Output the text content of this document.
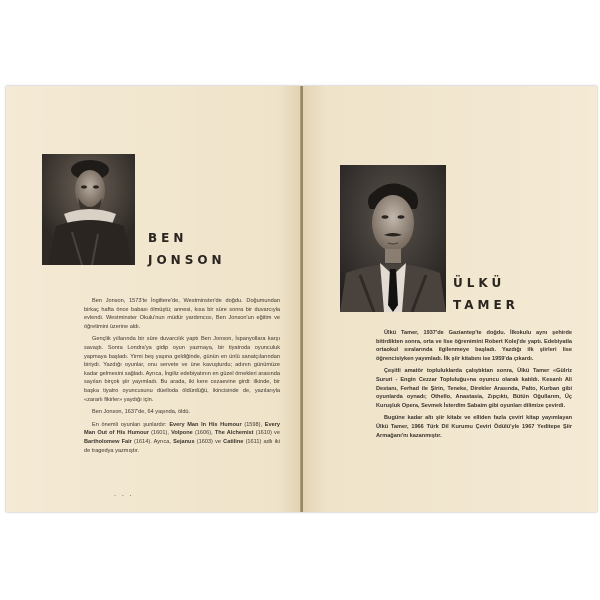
BEN
JONSON

Ben Jonson, 1573'te İngiltere'de, Westminster'de doğdu. Doğumundan birkaç hafta önce babası ölmüştü; annesi, kısa bir süre sonra bir duvarcıyla evlendi. Westminster Okulu'nun müdür yardımcısı, Ben Jonson'un eğitim ve öğretimini üzerine aldı.

Gençlik yıllarında bir süre duvarcılık yaptı Ben Jonson, İspanyollara karşı savaştı. Sonra Londra'ya gidip oyun yazmaya, bir tiyatroda oyunculuk yapmaya başladı. Yirmi beş yaşına geldiğinde, günün en ünlü sanatçılarından biriydi. Yazdığı oyunlar, onu servete ve üne kavuşturdu; adının günümüze kadar gelmesini sağladı. Ayrıca, İngiliz edebiyatının en güzel örnekleri arasında sayılan birçok şiir yayımladı. Bu arada, iki kere cezaevine girdi: ilkinde, bir başka tiyatro oyuncusunu düelloda öldürdüğü, ikincisinde de, yazılarıyla «zararlı fikirler» yaydığı için.

Ben Jonson, 1637'de, 64 yaşında, öldü.

En önemli oyunları şunlardır: Every Man In His Humour (1598), Every Man Out of His Humour (1601), Volpone (1606), The Alchemist (1610) ve Bartholomew Fair (1614). Ayrıca, Sejanus (1603) ve Catiline (1611) adlı iki de tragedya yazmıştır.

. . .
ÜLKÜ
TAMER

Ülkü Tamer, 1937'de Gaziantep'te doğdu. İlkokulu aynı şehirde bitirdikten sonra, orta ve lise öğrenimini Robert Kolej'de yaptı. Edebiyatla ortaokul sıralarında ilgilenmeye başladı. Yazdığı ilk şiirleri lise öğrencisiyken yayımladı. İlk şiir kitabını ise 1959'da çıkardı.

Çeşitli amatör topluluklarda çalıştıktan sonra, Ülkü Tamer «Gülriz Sururi - Engin Cezzar Topluluğu»na oyuncu olarak katıldı. Kesanlı Ali Destanı, Ferhad ile Şirin, Teneke, Direkler Arasında, Palto, Kurban gibi oyunlarda oynadı; Othello, Anastasia, Zıpçıktı, Bütün Oğullarım, Üç Kuruşluk Opera, Sevmek İsterdim Sabaim gibi oyunları dilimize çevirdi.

Bugüne kadar altı şiir kitabı ve elliden fazla çeviri kitap yayımlayan Ülkü Tamer, 1966 Türk Dil Kurumu Çeviri Ödülü'yle 1967 Yeditepe Şiir Armağanı'nı kazanmıştır.
